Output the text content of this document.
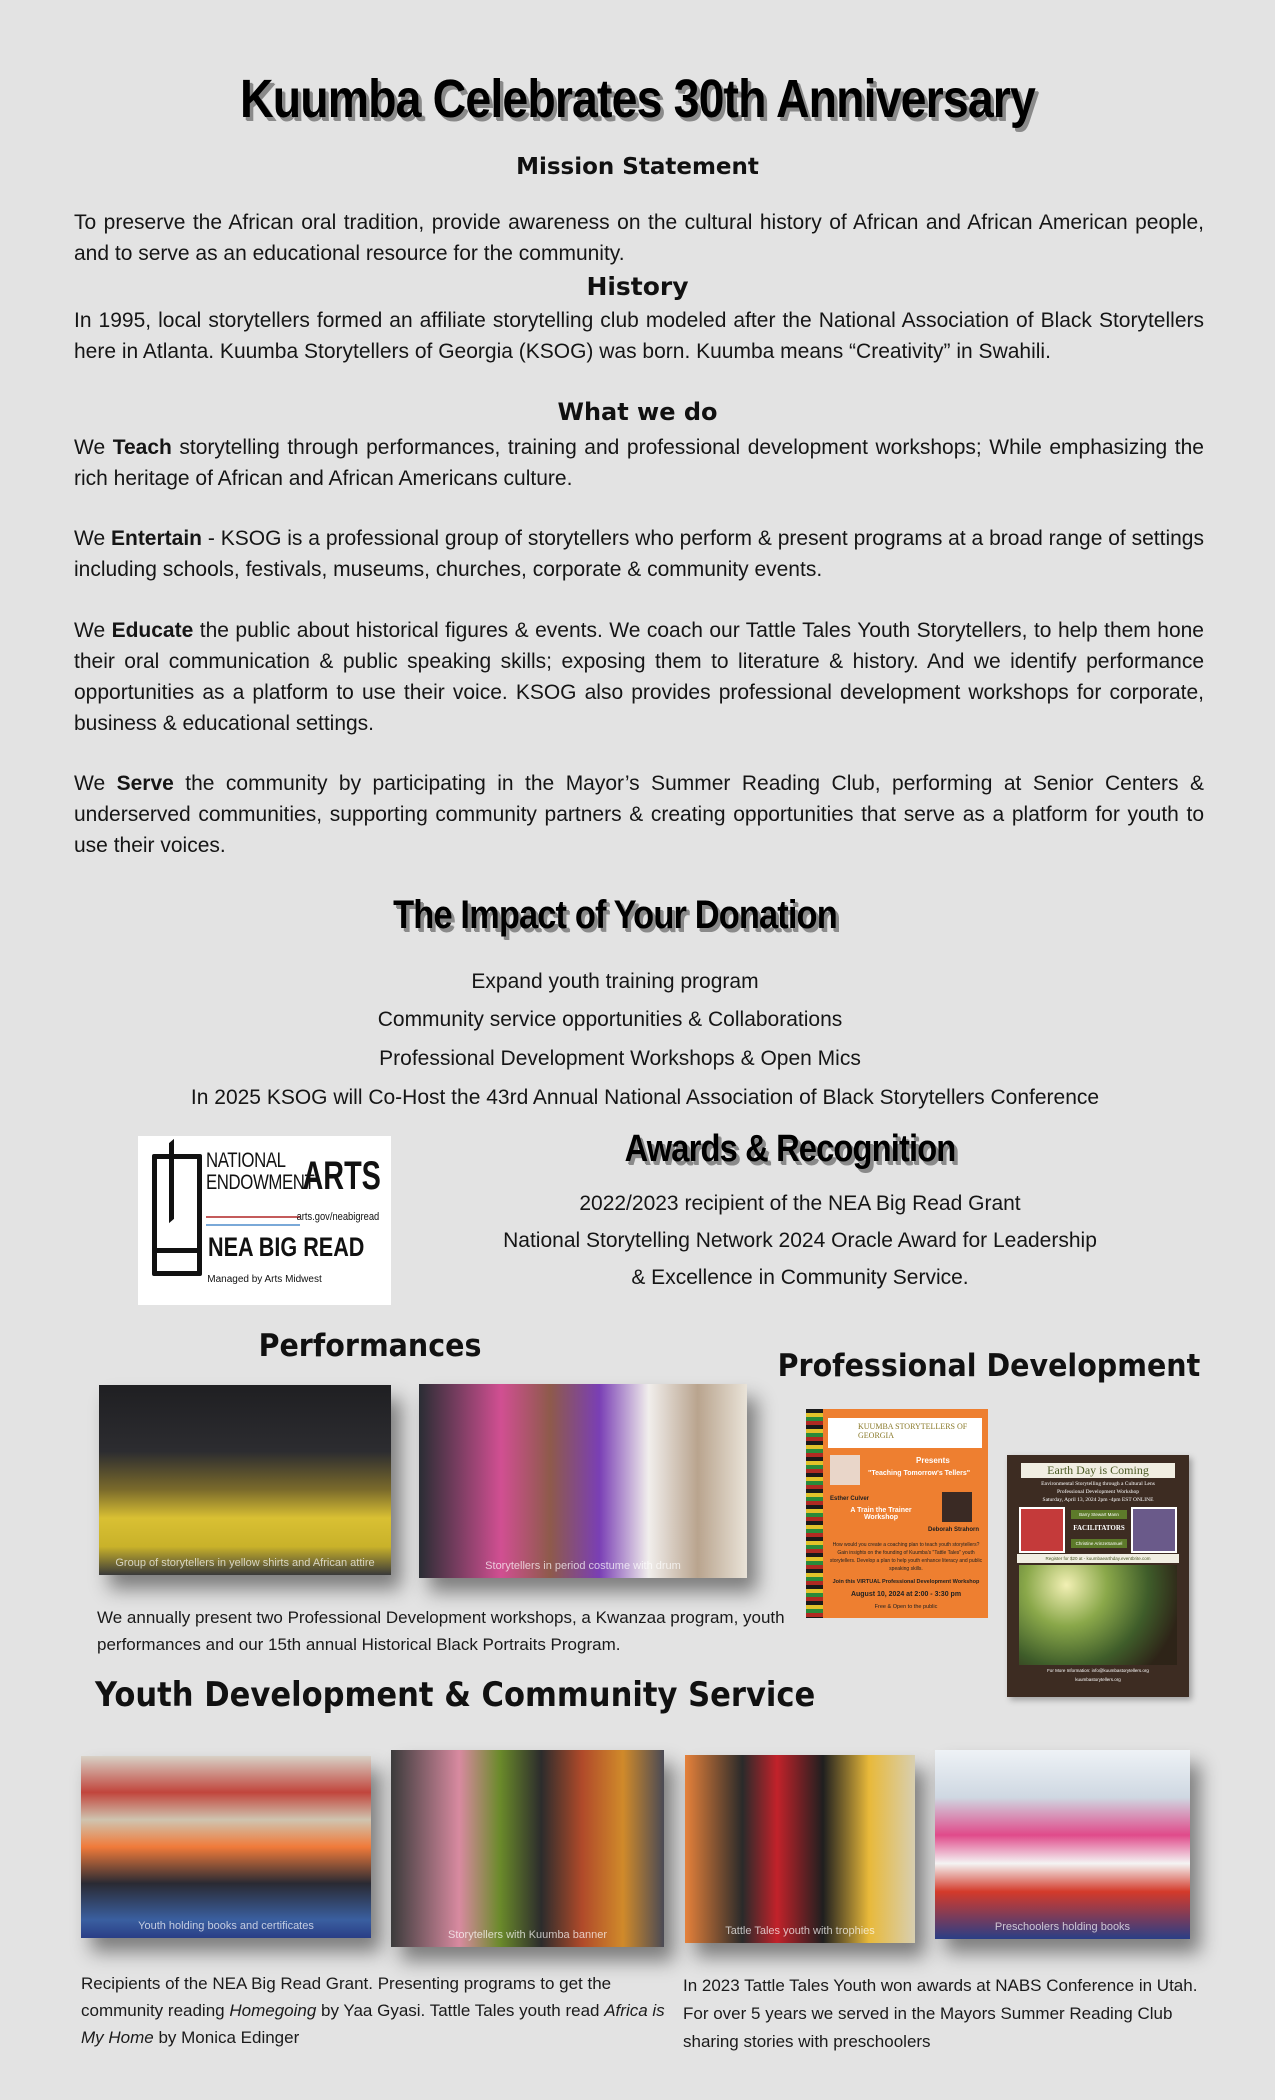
Kuumba Celebrates 30th Anniversary
Mission Statement
To preserve the African oral tradition, provide awareness on the cultural history of African and African American people, and to serve as an educational resource for the community.
History
In 1995, local storytellers formed an affiliate storytelling club modeled after the National Association of Black Storytellers here in Atlanta. Kuumba Storytellers of Georgia (KSOG) was born. Kuumba means “Creativity” in Swahili.
What we do
We Teach storytelling through performances, training and professional development workshops; While emphasizing the rich heritage of African and African Americans culture.
We Entertain - KSOG is a professional group of storytellers who perform & present programs at a broad range of settings including schools, festivals, museums, churches, corporate & community events.
We Educate the public about historical figures & events. We coach our Tattle Tales Youth Storytellers, to help them hone their oral communication & public speaking skills; exposing them to literature & history. And we identify performance opportunities as a platform to use their voice. KSOG also provides professional development workshops for corporate, business & educational settings.
We Serve the community by participating in the Mayor’s Summer Reading Club, performing at Senior Centers & underserved communities, supporting community partners & creating opportunities that serve as a platform for youth to use their voices.
The Impact of Your Donation
Expand youth training program
Community service opportunities & Collaborations
Professional Development Workshops & Open Mics
In 2025 KSOG will Co-Host the 43rd Annual National Association of Black Storytellers Conference
NATIONAL
ENDOWMENT
ARTS
arts.gov/neabigread
NEA BIG READ
Managed by Arts Midwest
Awards & Recognition
2022/2023 recipient of the NEA Big Read Grant
National Storytelling Network 2024 Oracle Award for Leadership
& Excellence in Community Service.
Performances
Group of storytellers in yellow shirts and African attire	Storytellers in period costume with drum
We annually present two Professional Development workshops, a Kwanzaa program, youth performances and our 15th annual Historical Black Portraits Program.
Professional Development
KUUMBA STORYTELLERS OF GEORGIA
Presents
"Teaching Tomorrow's Tellers"
Esther Culver
Deborah Strahorn
A Train the Trainer Workshop
How would you create a coaching plan to teach youth storytellers? Gain insights on the founding of Kuumba's "Tattle Tales" youth storytellers. Develop a plan to help youth enhance literacy and public speaking skills.
Join this VIRTUAL Professional Development Workshop
August 10, 2024 at 2:00 - 3:30 pm
Free & Open to the public
Earth Day is Coming
Environmental Storytelling through a Cultural Lens
Professional Development Workshop
Saturday, April 13, 2024 2pm -4pm EST ONLINE
Barry Stewart Mann
FACILITATORS
Christine ArinzeSamuel
Register for $20 at - kuumbaearthday.eventbrite.com
For More Information: info@kuumbastorytellers.org
kuumbastorytellers.org
Youth Development & Community Service
Youth holding books and certificates
Storytellers with Kuumba banner	Tattle Tales youth with trophies	Preschoolers holding books
Recipients of the NEA Big Read Grant. Presenting programs to get the community reading Homegoing by Yaa Gyasi. Tattle Tales youth read Africa is My Home by Monica Edinger
In 2023 Tattle Tales Youth won awards at NABS Conference in Utah. For over 5 years we served in the Mayors Summer Reading Club sharing stories with preschoolers
